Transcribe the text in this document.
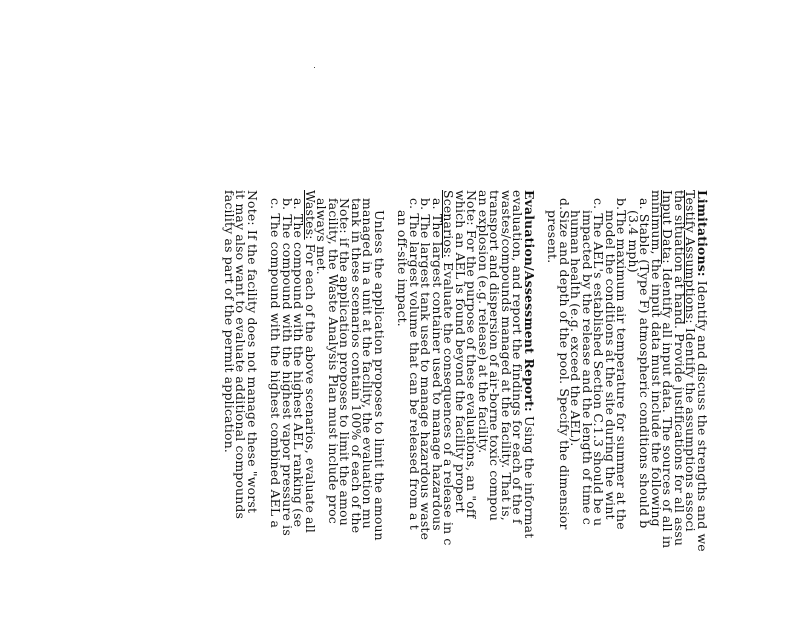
Limitations: Identify and discuss the strengths and we
Testify Assumptions: Identify the assumptions associ
the situation at hand. Provide justifications for all assu
Input Data: Identify all input data. The sources of all in
minimum, the input data must include the following
a. Stable (Type F) atmospheric conditions should b
(3.4 mph)
b.The maximum air temperature for summer at the
model the conditions at the site during the wint
c. The AEL's established Section C.1.3 should be u
impacted by the release and the length of time c
human health (e.g. exceed the AEL).
d.Size and depth of the pool. Specify the dimensior
present.
Evaluation/Assessment Report: Using the informat
evaluation, and report the findings for each of the f
wastes/compounds managed at the facility. That is,
transport and dispersion of air-borne toxic compou
an explosion (e.g. release) at the facility.
Note: For the purpose of these evaluations, an "off
which an AEL is found beyond the facility propert
Scenarios: Evaluate the consequences of a release in c
a. The largest container used to manage hazardous
b. The largest tank used to manage hazardous waste
c. The largest volume that can be released from a t
an off-site impact.
Unless the application proposes to limit the amoun
managed in a unit at the facility, the evaluation mu
tank in these scenarios contain 100% of each of the
Note: if the application proposes to limit the amou
facility, the Waste Analysis Plan must include proc
always met.
Wastes: For each of the above scenarios, evaluate all
a. The compound with the highest AEL ranking (se
b. The compound with the highest vapor pressure is
c. The compound with the highest combined AEL a
Note: If the facility does not manage these "worst
it may also want to evaluate additional compounds
facility as part of the permit application.
